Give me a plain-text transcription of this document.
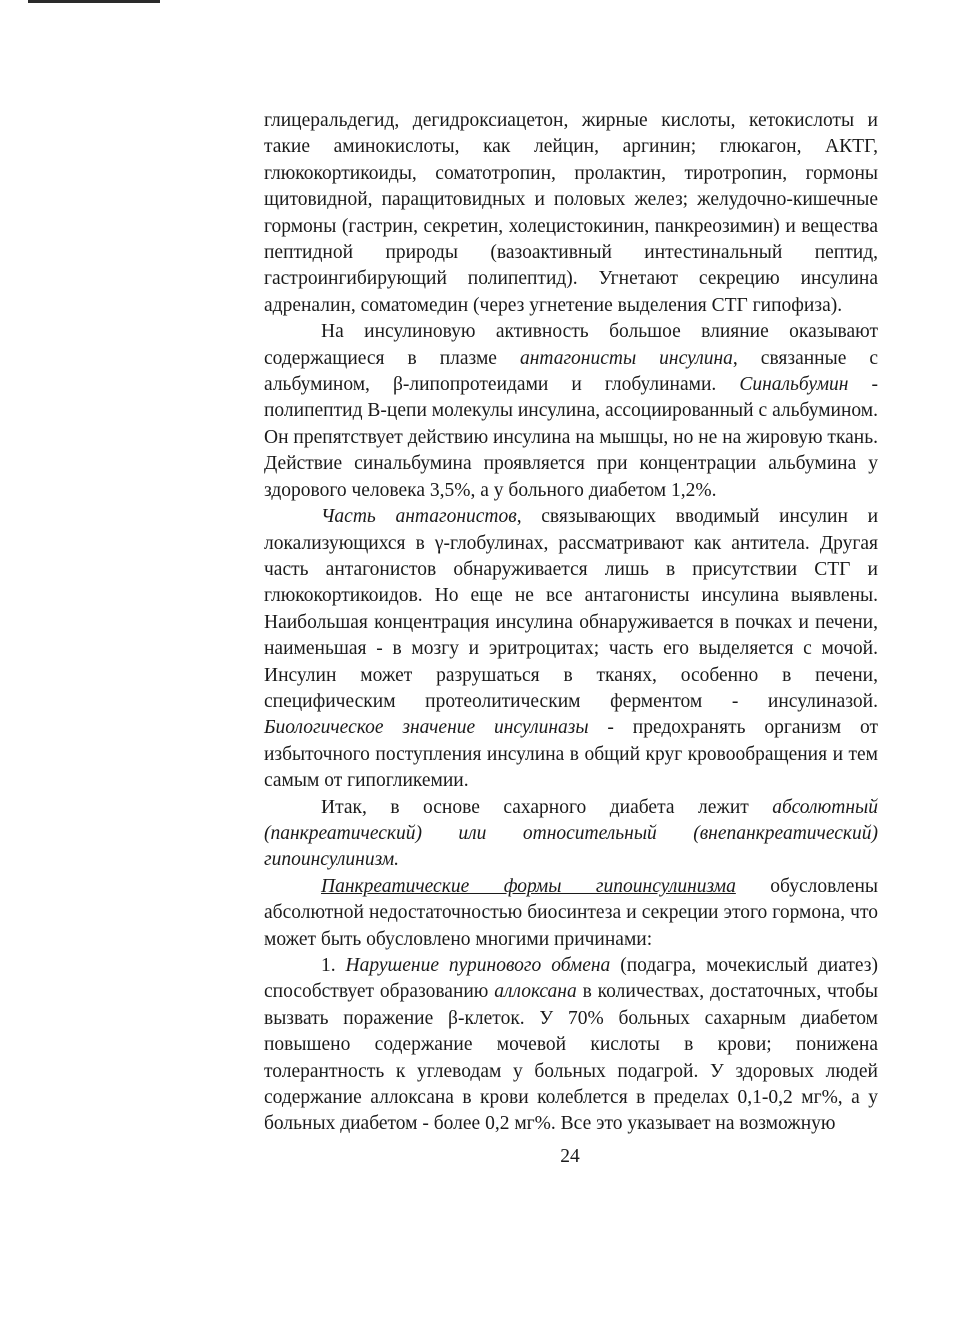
глицеральдегид, дегидроксиацетон, жирные кислоты, кетокислоты и такие аминокислоты, как лейцин, аргинин; глюкагон, АКТГ, глюкокортикоиды, соматотропин, пролактин, тиротропин, гормоны щитовидной, паращитовидных и половых желез; желудочно-кишечные гормоны (гастрин, секретин, холецистокинин, панкреозимин) и вещества пептидной природы (вазоактивный интестинальный пептид, гастроингибирующий полипептид). Угнетают секрецию инсулина адреналин, соматомедин (через угнетение выделения СТГ гипофиза).

На инсулиновую активность большое влияние оказывают содержащиеся в плазме антагонисты инсулина, связанные с альбумином, β-липопротеидами и глобулинами. Синальбумин - полипептид В-цепи молекулы инсулина, ассоциированный с альбумином. Он препятствует действию инсулина на мышцы, но не на жировую ткань. Действие синальбумина проявляется при концентрации альбумина у здорового человека 3,5%, а у больного диабетом 1,2%.

Часть антагонистов, связывающих вводимый инсулин и локализующихся в γ-глобулинах, рассматривают как антитела. Другая часть антагонистов обнаруживается лишь в присутствии СТГ и глюкокортикоидов. Но еще не все антагонисты инсулина выявлены. Наибольшая концентрация инсулина обнаруживается в почках и печени, наименьшая - в мозгу и эритроцитах; часть его выделяется с мочой. Инсулин может разрушаться в тканях, особенно в печени, специфическим протеолитическим ферментом - инсулиназой. Биологическое значение инсулиназы - предохранять организм от избыточного поступления инсулина в общий круг кровообращения и тем самым от гипогликемии.

Итак, в основе сахарного диабета лежит абсолютный (панкреатический) или относительный (внепанкреатический) гипоинсулинизм.

Панкреатические формы гипоинсулинизма обусловлены абсолютной недостаточностью биосинтеза и секреции этого гормона, что может быть обусловлено многими причинами:

1. Нарушение пуринового обмена (подагра, мочекислый диатез) способствует образованию аллоксана в количествах, достаточных, чтобы вызвать поражение β-клеток. У 70% больных сахарным диабетом повышено содержание мочевой кислоты в крови; понижена толерантность к углеводам у больных подагрой. У здоровых людей содержание аллоксана в крови колеблется в пределах 0,1-0,2 мг%, а у больных диабетом - более 0,2 мг%. Все это указывает на возможную

24
